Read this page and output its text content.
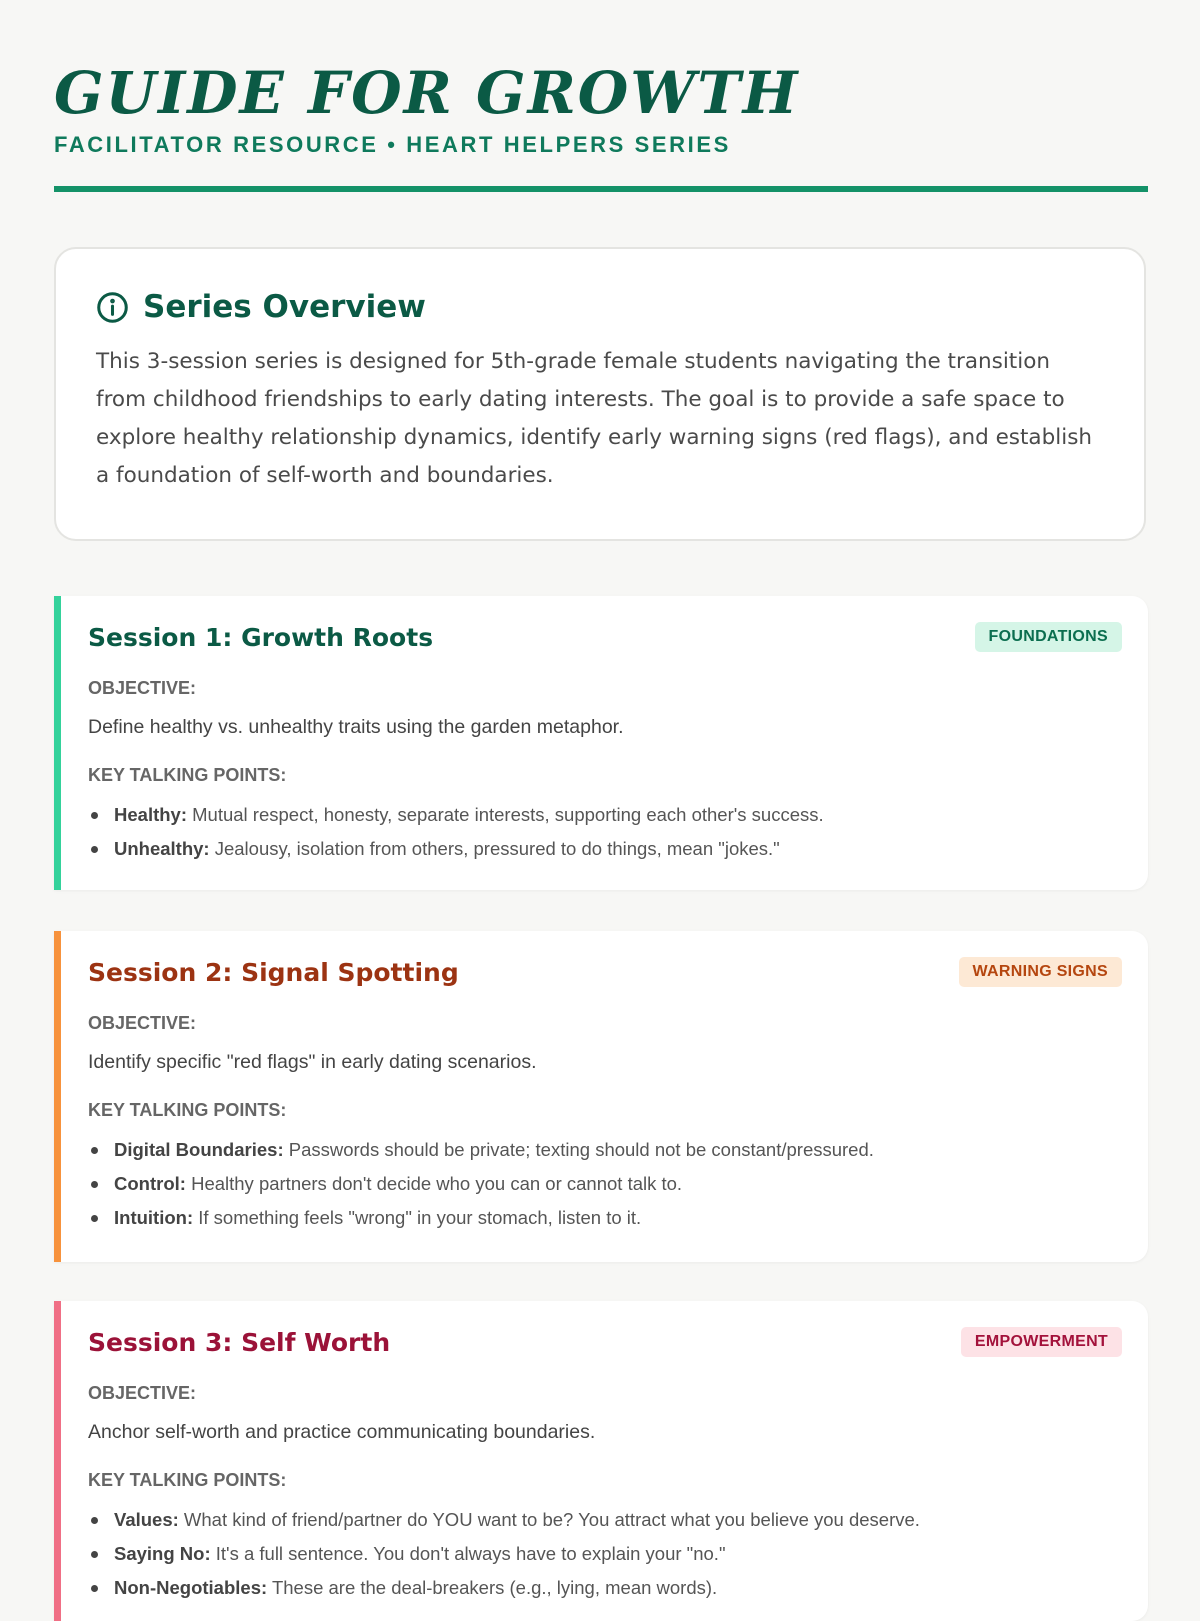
GUIDE FOR GROWTH
FACILITATOR RESOURCE • HEART HELPERS SERIES
Series Overview

This 3-session series is designed for 5th-grade female students navigating the transition from childhood friendships to early dating interests. The goal is to provide a safe space to explore healthy relationship dynamics, identify early warning signs (red flags), and establish a foundation of self-worth and boundaries.

Session 1: Growth Roots	FOUNDATIONS
OBJECTIVE:
Define healthy vs. unhealthy traits using the garden metaphor.
KEY TALKING POINTS:
Healthy: Mutual respect, honesty, separate interests, supporting each other's success.
Unhealthy: Jealousy, isolation from others, pressured to do things, mean "jokes."
Session 2: Signal Spotting	WARNING SIGNS
OBJECTIVE:
Identify specific "red flags" in early dating scenarios.
KEY TALKING POINTS:
Digital Boundaries: Passwords should be private; texting should not be constant/pressured.
Control: Healthy partners don't decide who you can or cannot talk to.
Intuition: If something feels "wrong" in your stomach, listen to it.
Session 3: Self Worth	EMPOWERMENT
OBJECTIVE:
Anchor self-worth and practice communicating boundaries.
KEY TALKING POINTS:
Values: What kind of friend/partner do YOU want to be? You attract what you believe you deserve.
Saying No: It's a full sentence. You don't always have to explain your "no."
Non-Negotiables: These are the deal-breakers (e.g., lying, mean words).
